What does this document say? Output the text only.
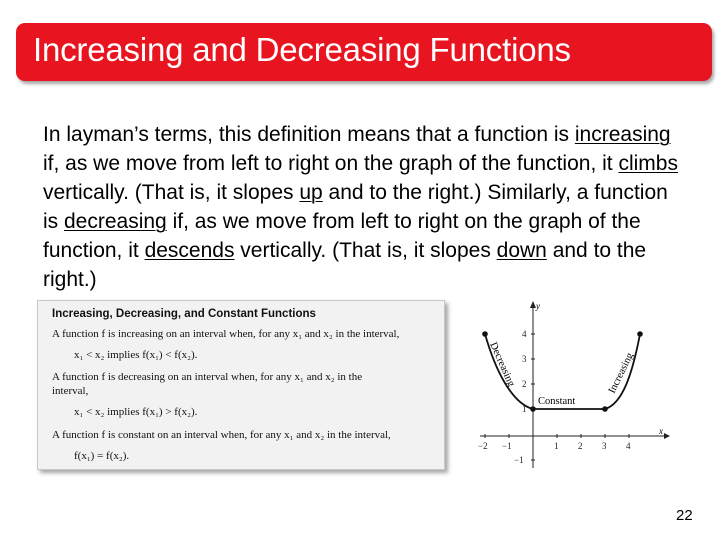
Increasing and Decreasing Functions
In layman’s terms, this definition means that a function is increasing if, as we move from left to right on the graph of the function, it climbs vertically. (That is, it slopes up and to the right.) Similarly, a function is decreasing if, as we move from left to right on the graph of the function, it descends vertically. (That is, it slopes down and to the right.)
Increasing, Decreasing, and Constant Functions
A function f is increasing on an interval when, for any x₁ and x₂ in the interval,
x₁ < x₂ implies f(x₁) < f(x₂).
A function f is decreasing on an interval when, for any x₁ and x₂ in the
interval,
x₁ < x₂ implies f(x₁) > f(x₂).
A function f is constant on an interval when, for any x₁ and x₂ in the interval,
f(x₁) = f(x₂).
x
y
−2 −1	1 2 3 4
4
3
2
1
−1
Decreasing
Constant
Increasing
22
